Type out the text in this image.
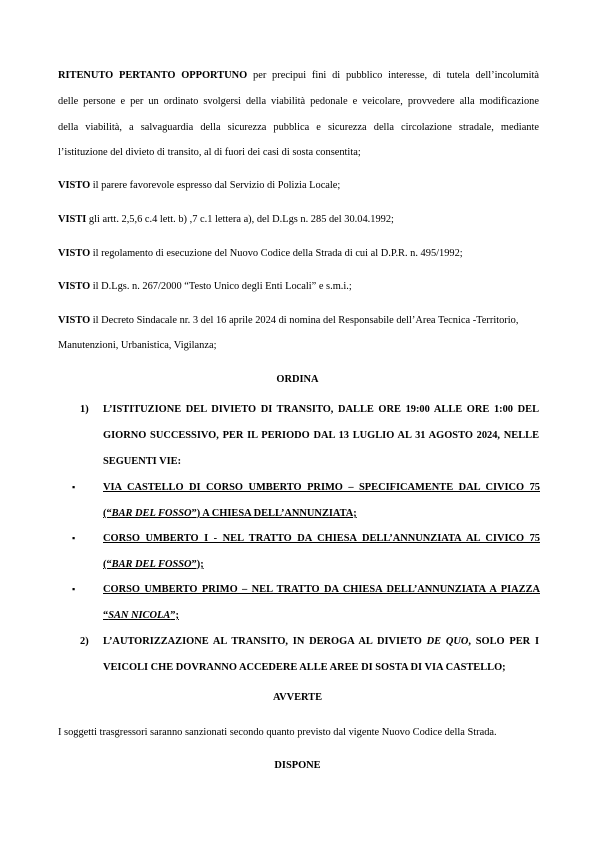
RITENUTO PERTANTO OPPORTUNO per precipui fini di pubblico interesse, di tutela dell’incolumità
delle persone e per un ordinato svolgersi della viabilità pedonale e veicolare, provvedere alla modificazione
della viabilità, a salvaguardia della sicurezza pubblica e sicurezza della circolazione stradale, mediante
l’istituzione del divieto di transito, al di fuori dei casi di sosta consentita;
VISTO il parere favorevole espresso dal Servizio di Polizia Locale;
VISTI gli artt. 2,5,6 c.4 lett. b) ,7 c.1 lettera a), del D.Lgs n. 285 del 30.04.1992;
VISTO il regolamento di esecuzione del Nuovo Codice della Strada di cui al D.P.R. n. 495/1992;
VISTO il D.Lgs. n. 267/2000 “Testo Unico degli Enti Locali” e s.m.i.;
VISTO il Decreto Sindacale nr. 3 del 16 aprile 2024 di nomina del Responsabile dell’Area Tecnica -Territorio,
Manutenzioni, Urbanistica, Vigilanza;
ORDINA
1)	L’ISTITUZIONE DEL DIVIETO DI TRANSITO, DALLE ORE 19:00 ALLE ORE 1:00 DEL
GIORNO SUCCESSIVO, PER IL PERIODO DAL 13 LUGLIO AL 31 AGOSTO 2024, NELLE
SEGUENTI VIE:
▪	VIA CASTELLO DI CORSO UMBERTO PRIMO – SPECIFICAMENTE DAL CIVICO 75
(“BAR DEL FOSSO”) A CHIESA DELL’ANNUNZIATA;
▪	CORSO UMBERTO I - NEL TRATTO DA CHIESA DELL’ANNUNZIATA AL CIVICO 75
(“BAR DEL FOSSO”);
▪	CORSO UMBERTO PRIMO – NEL TRATTO DA CHIESA DELL’ANNUNZIATA A PIAZZA
“SAN NICOLA”;
2)	L’AUTORIZZAZIONE AL TRANSITO, IN DEROGA AL DIVIETO DE QUO, SOLO PER I
VEICOLI CHE DOVRANNO ACCEDERE ALLE AREE DI SOSTA DI VIA CASTELLO;
AVVERTE
I soggetti trasgressori saranno sanzionati secondo quanto previsto dal vigente Nuovo Codice della Strada.
DISPONE
